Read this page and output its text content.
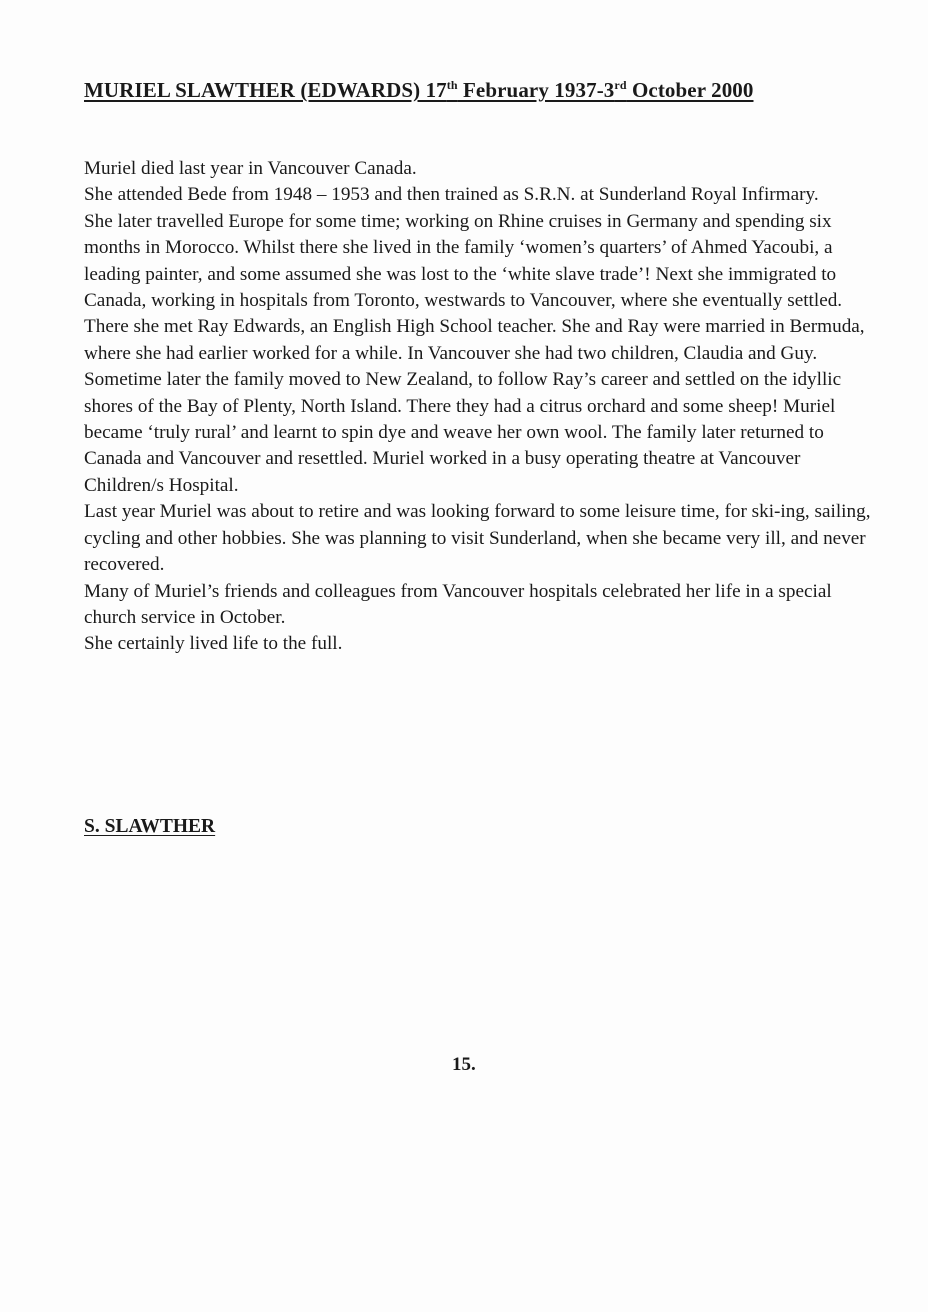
MURIEL SLAWTHER (EDWARDS) 17th February 1937-3rd October 2000

Muriel died last year in Vancouver Canada.

She attended Bede from 1948 – 1953 and then trained as S.R.N. at Sunderland Royal Infirmary.

She later travelled Europe for some time; working on Rhine cruises in Germany and spending six months in Morocco. Whilst there she lived in the family ‘women’s quarters’ of Ahmed Yacoubi, a leading painter, and some assumed she was lost to the ‘white slave trade’! Next she immigrated to Canada, working in hospitals from Toronto, westwards to Vancouver, where she eventually settled. There she met Ray Edwards, an English High School teacher. She and Ray were married in Bermuda, where she had earlier worked for a while. In Vancouver she had two children, Claudia and Guy. Sometime later the family moved to New Zealand, to follow Ray’s career and settled on the idyllic shores of the Bay of Plenty, North Island. There they had a citrus orchard and some sheep! Muriel became ‘truly rural’ and learnt to spin dye and weave her own wool. The family later returned to Canada and Vancouver and resettled. Muriel worked in a busy operating theatre at Vancouver Children/s Hospital.

Last year Muriel was about to retire and was looking forward to some leisure time, for ski-ing, sailing, cycling and other hobbies. She was planning to visit Sunderland, when she became very ill, and never recovered.

Many of Muriel’s friends and colleagues from Vancouver hospitals celebrated her life in a special church service in October.

She certainly lived life to the full.

S. SLAWTHER
15.
